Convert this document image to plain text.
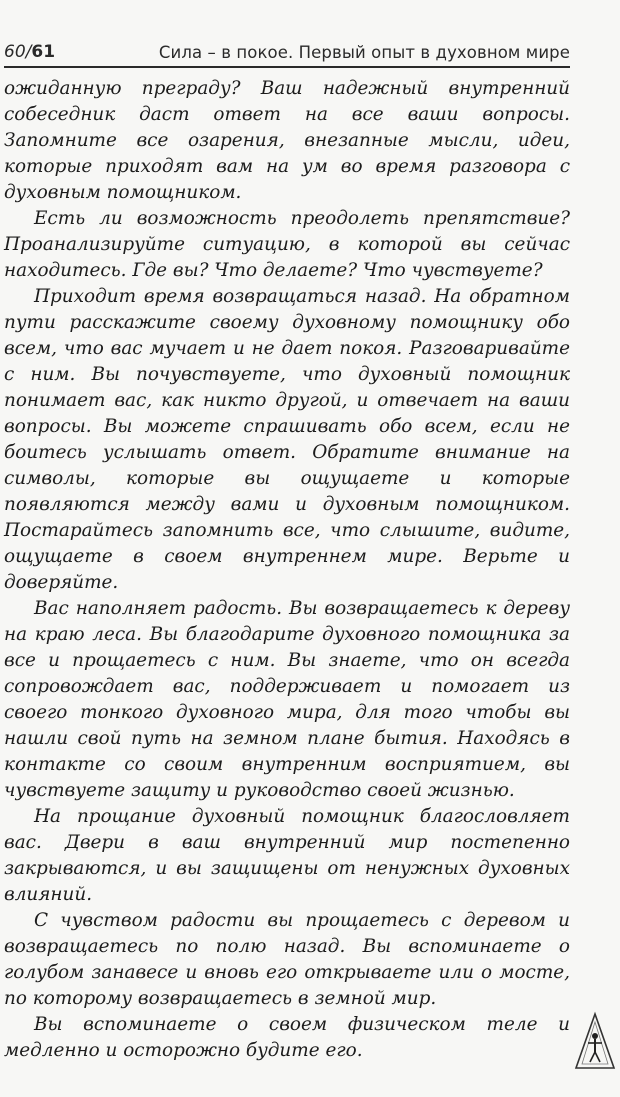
60/61	Сила – в покое. Первый опыт в духовном мире

ожиданную преграду? Ваш надежный внутренний собеседник даст ответ на все ваши вопросы. Запомните все озарения, внезапные мысли, идеи, которые приходят вам на ум во время разговора с духовным помощником.

Есть ли возможность преодолеть препятствие? Проанализируйте ситуацию, в которой вы сейчас находитесь. Где вы? Что делаете? Что чувствуете?

Приходит время возвращаться назад. На обратном пути расскажите своему духовному помощнику обо всем, что вас мучает и не дает покоя. Разговаривайте с ним. Вы почувствуете, что духовный помощник понимает вас, как никто другой, и отвечает на ваши вопросы. Вы можете спрашивать обо всем, если не боитесь услышать ответ. Обратите внимание на символы, которые вы ощущаете и которые появляются между вами и духовным помощником. Постарайтесь запомнить все, что слышите, видите, ощущаете в своем внутреннем мире. Верьте и доверяйте.

Вас наполняет радость. Вы возвращаетесь к дереву на краю леса. Вы благодарите духовного помощника за все и прощаетесь с ним. Вы знаете, что он всегда сопровождает вас, поддерживает и помогает из своего тонкого духовного мира, для того чтобы вы нашли свой путь на земном плане бытия. Находясь в контакте со своим внутренним восприятием, вы чувствуете защиту и руководство своей жизнью.

На прощание духовный помощник благословляет вас. Двери в ваш внутренний мир постепенно закрываются, и вы защищены от ненужных духовных влияний.

С чувством радости вы прощаетесь с деревом и возвращаетесь по полю назад. Вы вспоминаете о голубом занавесе и вновь его открываете или о мосте, по которому возвращаетесь в земной мир.

Вы вспоминаете о своем физическом теле и медленно и осторожно будите его.
